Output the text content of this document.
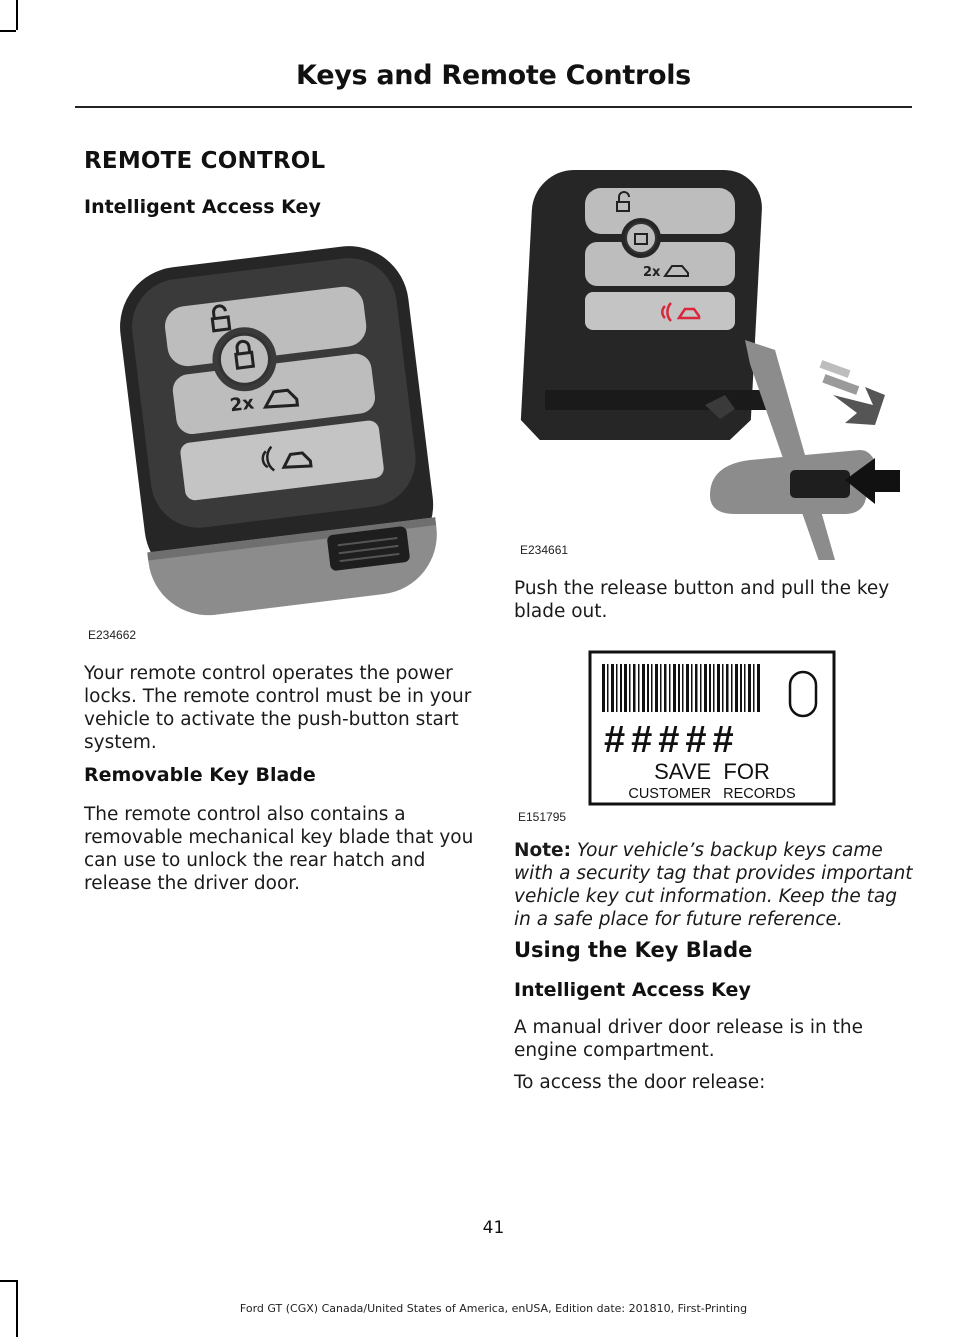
Keys and Remote Controls
REMOTE CONTROL
Intelligent Access Key
2x
E234662
Your remote control operates the power locks. The remote control must be in your vehicle to activate the push-button start system.
Removable Key Blade
The remote control also contains a removable mechanical key blade that you can use to unlock the rear hatch and release the driver door.
2x
E234661
Push the release button and pull the key blade out.
#####
SAVE  FOR
CUSTOMER   RECORDS
E151795
Note: Your vehicle’s backup keys came with a security tag that provides important vehicle key cut information. Keep the tag in a safe place for future reference.
Using the Key Blade
Intelligent Access Key
A manual driver door release is in the engine compartment.
To access the door release:
41
Ford GT (CGX) Canada/United States of America, enUSA, Edition date: 201810, First-Printing
